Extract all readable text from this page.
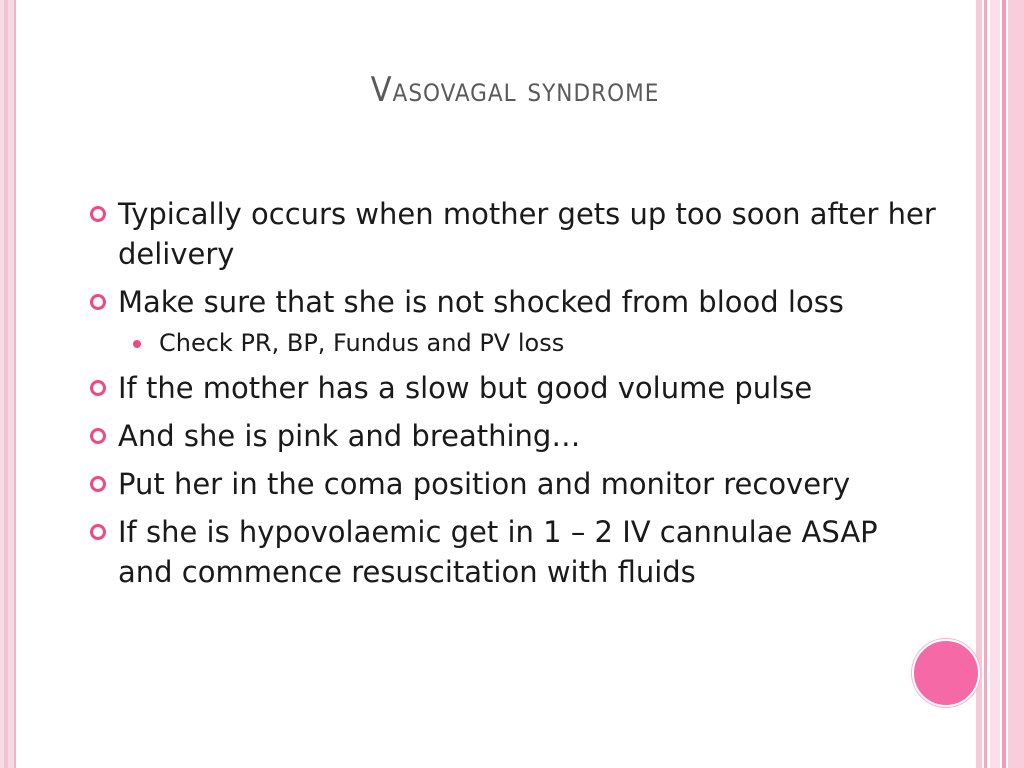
Vasovagal syndrome
Typically occurs when mother gets up too soon after her delivery
Make sure that she is not shocked from blood loss
Check PR, BP, Fundus and PV loss
If the mother has a slow but good volume pulse
And she is pink and breathing…
Put her in the coma position and monitor recovery
If she is hypovolaemic get in 1 – 2 IV cannulae ASAP and commence resuscitation with fluids
